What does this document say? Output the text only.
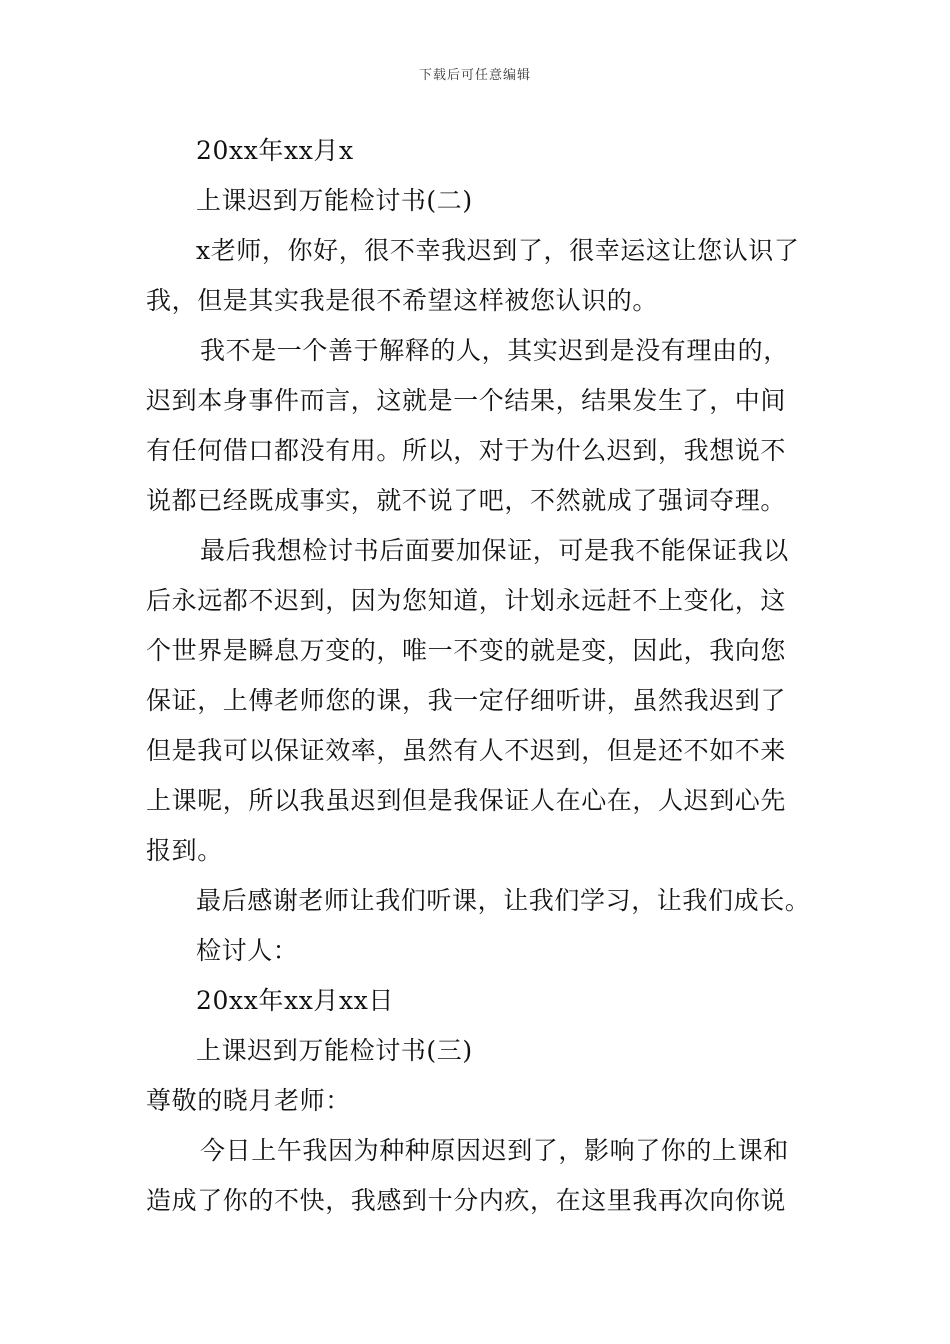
下载后可任意编辑
20xx年xx月x
上课迟到万能检讨书(二)
x老师，你好，很不幸我迟到了，很幸运这让您认识了
我，但是其实我是很不希望这样被您认识的。
我不是一个善于解释的人，其实迟到是没有理由的，
迟到本身事件而言，这就是一个结果，结果发生了，中间
有任何借口都没有用。所以，对于为什么迟到，我想说不
说都已经既成事实，就不说了吧，不然就成了强词夺理。
最后我想检讨书后面要加保证，可是我不能保证我以
后永远都不迟到，因为您知道，计划永远赶不上变化，这
个世界是瞬息万变的，唯一不变的就是变，因此，我向您
保证，上傅老师您的课，我一定仔细听讲，虽然我迟到了
但是我可以保证效率，虽然有人不迟到，但是还不如不来
上课呢，所以我虽迟到但是我保证人在心在，人迟到心先
报到。
最后感谢老师让我们听课，让我们学习，让我们成长。
检讨人：
20xx年xx月xx日
上课迟到万能检讨书(三)
尊敬的晓月老师：
今日上午我因为种种原因迟到了，影响了你的上课和
造成了你的不快，我感到十分内疚，在这里我再次向你说
